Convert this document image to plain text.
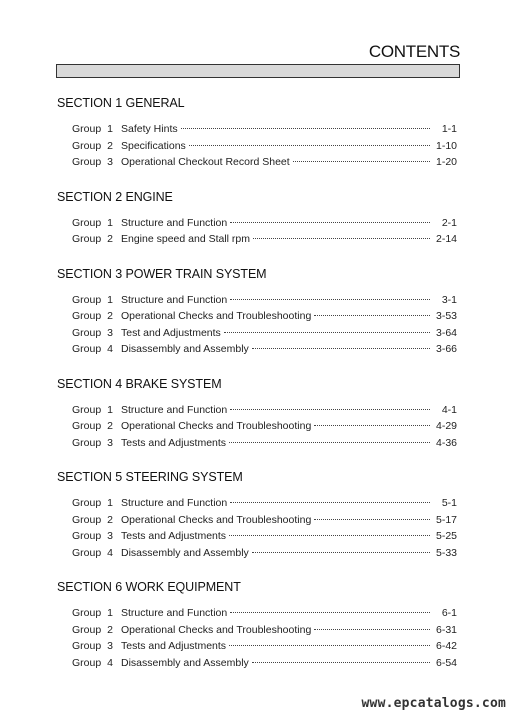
CONTENTS
SECTION 1 GENERAL
Group 1 Safety Hints	1-1
Group 2 Specifications	1-10
Group 3 Operational Checkout Record Sheet	1-20
SECTION 2 ENGINE
Group 1 Structure and Function	2-1
Group 2 Engine speed and Stall rpm	2-14
SECTION 3 POWER TRAIN SYSTEM
Group 1 Structure and Function	3-1
Group 2 Operational Checks and Troubleshooting	3-53
Group 3 Test and Adjustments	3-64
Group 4 Disassembly and Assembly	3-66
SECTION 4 BRAKE SYSTEM
Group 1 Structure and Function	4-1
Group 2 Operational Checks and Troubleshooting	4-29
Group 3 Tests and Adjustments	4-36
SECTION 5 STEERING SYSTEM
Group 1 Structure and Function	5-1
Group 2 Operational Checks and Troubleshooting	5-17
Group 3 Tests and Adjustments	5-25
Group 4 Disassembly and Assembly	5-33
SECTION 6 WORK EQUIPMENT
Group 1 Structure and Function	6-1
Group 2 Operational Checks and Troubleshooting	6-31
Group 3 Tests and Adjustments	6-42
Group 4 Disassembly and Assembly	6-54
www.epcatalogs.com
